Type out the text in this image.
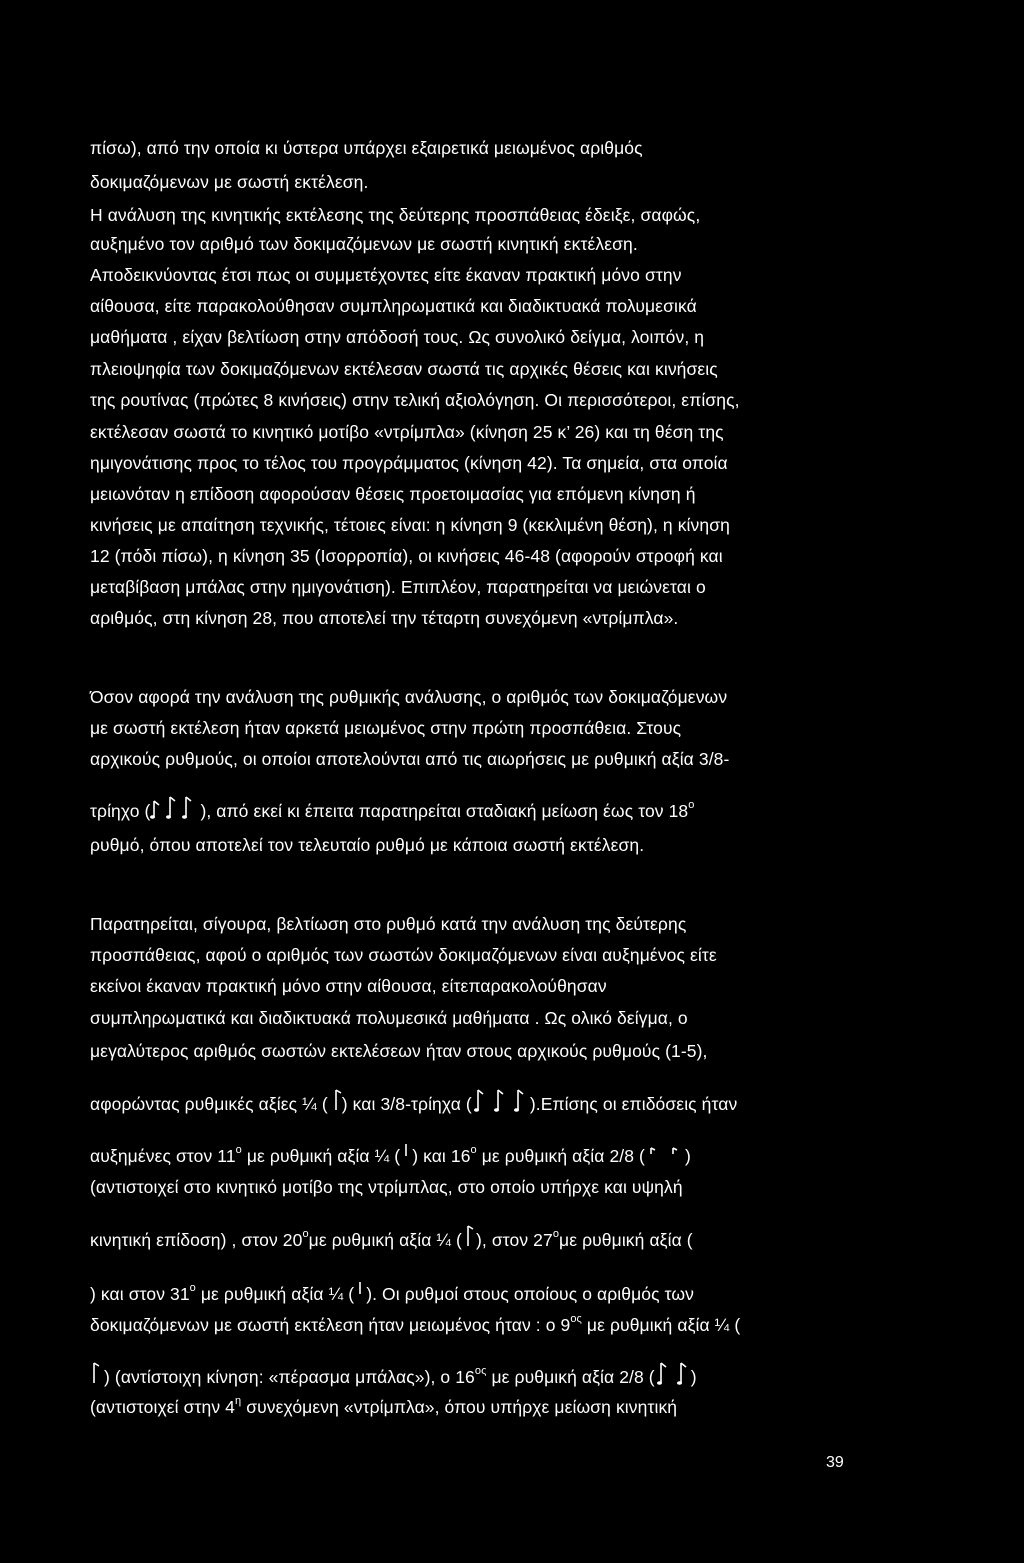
πίσω), από την οποία κι ύστερα υπάρχει εξαιρετικά μειωμένος αριθμός
δοκιμαζόμενων με σωστή εκτέλεση.
Η ανάλυση της κινητικής εκτέλεσης της δεύτερης προσπάθειας έδειξε, σαφώς,
αυξημένο τον αριθμό των δοκιμαζόμενων με σωστή κινητική εκτέλεση.
Αποδεικνύοντας έτσι πως οι συμμετέχοντες είτε έκαναν πρακτική μόνο στην
αίθουσα, είτε παρακολούθησαν συμπληρωματικά και διαδικτυακά πολυμεσικά
μαθήματα , είχαν βελτίωση στην απόδοσή τους. Ως συνολικό δείγμα, λοιπόν, η
πλειοψηφία των δοκιμαζόμενων εκτέλεσαν σωστά τις αρχικές θέσεις και κινήσεις
της ρουτίνας (πρώτες 8 κινήσεις) στην τελική αξιολόγηση. Οι περισσότεροι, επίσης,
εκτέλεσαν σωστά το κινητικό μοτίβο «ντρίμπλα» (κίνηση 25 κ’ 26) και τη θέση της
ημιγονάτισης προς το τέλος του προγράμματος (κίνηση 42). Τα σημεία, στα οποία
μειωνόταν η επίδοση αφορούσαν θέσεις προετοιμασίας για επόμενη κίνηση ή
κινήσεις με απαίτηση τεχνικής, τέτοιες είναι: η κίνηση 9 (κεκλιμένη θέση), η κίνηση
12 (πόδι πίσω), η κίνηση 35 (Ισορροπία), οι κινήσεις 46-48 (αφορούν στροφή και
μεταβίβαση μπάλας στην ημιγονάτιση). Επιπλέον, παρατηρείται να μειώνεται ο
αριθμός, στη κίνηση 28, που αποτελεί την τέταρτη συνεχόμενη «ντρίμπλα».
Όσον αφορά την ανάλυση της ρυθμικής ανάλυσης, ο αριθμός των δοκιμαζόμενων
με σωστή εκτέλεση ήταν αρκετά μειωμένος στην πρώτη προσπάθεια. Στους
αρχικούς ρυθμούς, οι οποίοι αποτελούνται από τις αιωρήσεις με ρυθμική αξία 3/8-
τρίηχο (	), από εκεί κι έπειτα παρατηρείται σταδιακή μείωση έως τον 18$^o$
ρυθμό, όπου αποτελεί τον τελευταίο ρυθμό με κάποια σωστή εκτέλεση.
Παρατηρείται, σίγουρα, βελτίωση στο ρυθμό κατά την ανάλυση της δεύτερης
προσπάθειας, αφού ο αριθμός των σωστών δοκιμαζόμενων είναι αυξημένος είτε
εκείνοι έκαναν πρακτική μόνο στην αίθουσα, είτεπαρακολούθησαν
συμπληρωματικά και διαδικτυακά πολυμεσικά μαθήματα . Ως ολικό δείγμα, ο
μεγαλύτερος αριθμός σωστών εκτελέσεων ήταν στους αρχικούς ρυθμούς (1-5),
αφορώντας ρυθμικές αξίες ¼ ( ) και 3/8-τρίηχα (	).Επίσης οι επιδόσεις ήταν
αυξημένες στον 11$^o$ με ρυθμική αξία ¼ ( ) και 16$^o$ με ρυθμική αξία 2/8 ( )
(αντιστοιχεί στο κινητικό μοτίβο της ντρίμπλας, στο οποίο υπήρχε και υψηλή
κινητική επίδοση) , στον 20$^o$με ρυθμική αξία ¼ ( ), στον 27$^o$με ρυθμική αξία (
) και στον 31$^o$ με ρυθμική αξία ¼ ( ). Οι ρυθμοί στους οποίους ο αριθμός των
δοκιμαζόμενων με σωστή εκτέλεση ήταν μειωμένος ήταν : ο $9^{o\varsigma}$ με ρυθμική αξία ¼ (
) (αντίστοιχη κίνηση: «πέρασμα μπάλας»), ο $16^{o\varsigma}$ με ρυθμική αξία 2/8 ( )
(αντιστοιχεί στην $4^\eta$ συνεχόμενη «ντρίμπλα», όπου υπήρχε μείωση κινητική
39
